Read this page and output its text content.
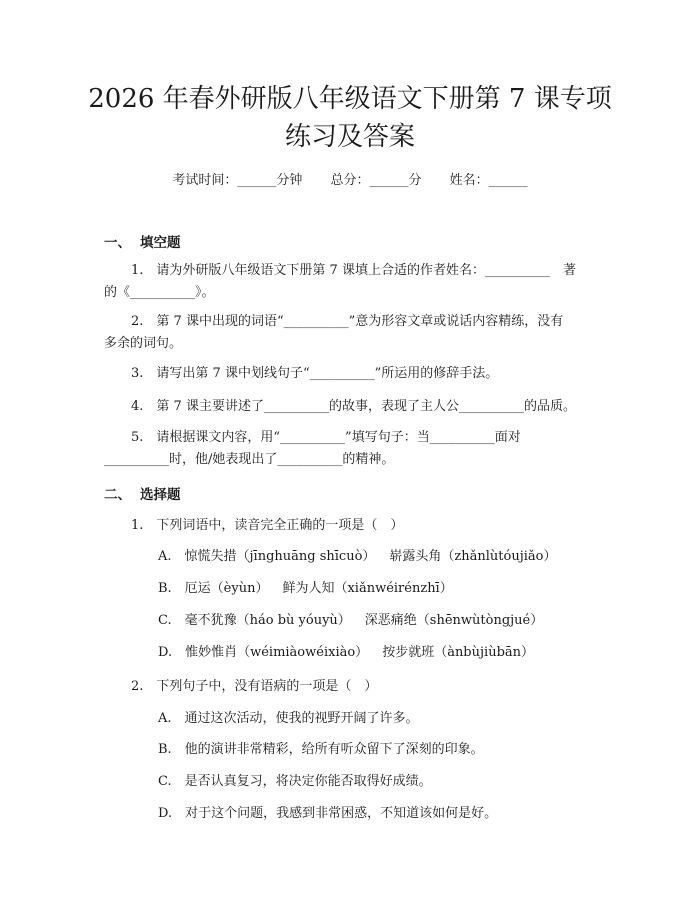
2026 年春外研版八年级语文下册第 7 课专项
练习及答案
考试时间：______分钟 总分：______分 姓名：______
一、 填空题
1.　请为外研版八年级语文下册第 7 课填上合适的作者姓名：__________　著
的《__________》。
2.　第 7 课中出现的词语“__________”意为形容文章或说话内容精练，没有
多余的词句。
3.　请写出第 7 课中划线句子“__________”所运用的修辞手法。
4.　第 7 课主要讲述了__________的故事，表现了主人公__________的品质。
5.　请根据课文内容，用“__________”填写句子：当__________面对
__________时，他/她表现出了__________的精神。
二、 选择题
1.　下列词语中，读音完全正确的一项是（　）
A.　惊慌失措（jīnghuāng shīcuò） 崭露头角（zhǎnlùtóujiǎo）
B.　厄运（èyùn） 鲜为人知（xiǎnwéirénzhī）
C.　毫不犹豫（háo bù yóuyù） 深恶痛绝（shēnwùtòngjué）
D.　惟妙惟肖（wéimiàowéixiào） 按步就班（ànbùjiùbān）
2.　下列句子中，没有语病的一项是（　）
A.　通过这次活动，使我的视野开阔了许多。
B.　他的演讲非常精彩，给所有听众留下了深刻的印象。
C.　是否认真复习，将决定你能否取得好成绩。
D.　对于这个问题，我感到非常困惑，不知道该如何是好。
